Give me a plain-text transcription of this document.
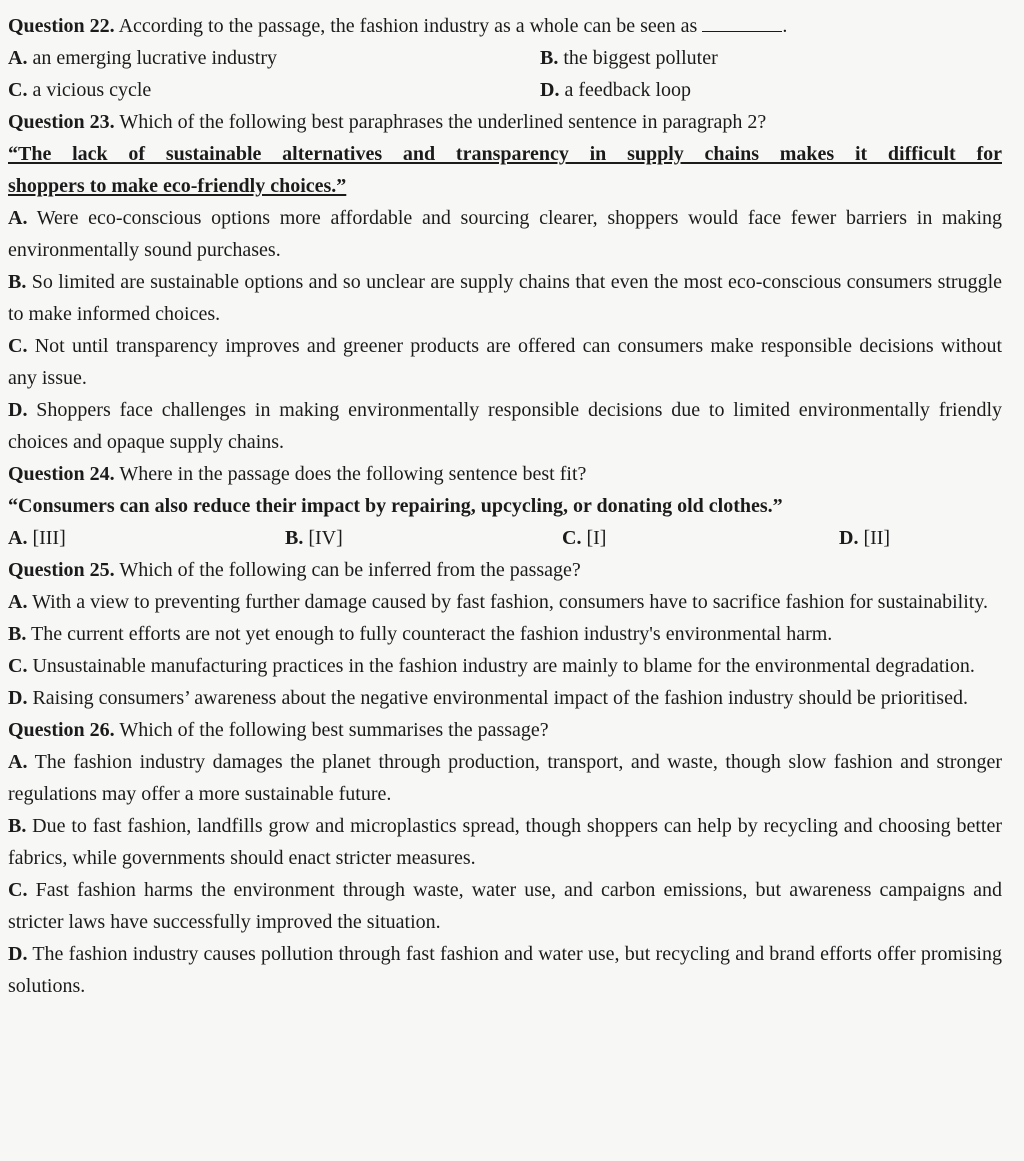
Question 22. According to the passage, the fashion industry as a whole can be seen as	.
A. an emerging lucrative industry	B. the biggest polluter
C. a vicious cycle	D. a feedback loop
Question 23. Which of the following best paraphrases the underlined sentence in paragraph 2?
“The lack of sustainable alternatives and transparency in supply chains makes it difficult for
shoppers to make eco-friendly choices.”
A. Were eco-conscious options more affordable and sourcing clearer, shoppers would face fewer barriers in making environmentally sound purchases.
B. So limited are sustainable options and so unclear are supply chains that even the most eco-conscious consumers struggle to make informed choices.
C. Not until transparency improves and greener products are offered can consumers make responsible decisions without any issue.
D. Shoppers face challenges in making environmentally responsible decisions due to limited environmentally friendly choices and opaque supply chains.
Question 24. Where in the passage does the following sentence best fit?
“Consumers can also reduce their impact by repairing, upcycling, or donating old clothes.”
A. [III]	B. [IV]	C. [I]	D. [II]
Question 25. Which of the following can be inferred from the passage?
A. With a view to preventing further damage caused by fast fashion, consumers have to sacrifice fashion for sustainability.
B. The current efforts are not yet enough to fully counteract the fashion industry's environmental harm.
C. Unsustainable manufacturing practices in the fashion industry are mainly to blame for the environmental degradation.
D. Raising consumers’ awareness about the negative environmental impact of the fashion industry should be prioritised.
Question 26. Which of the following best summarises the passage?
A. The fashion industry damages the planet through production, transport, and waste, though slow fashion and stronger regulations may offer a more sustainable future.
B. Due to fast fashion, landfills grow and microplastics spread, though shoppers can help by recycling and choosing better fabrics, while governments should enact stricter measures.
C. Fast fashion harms the environment through waste, water use, and carbon emissions, but awareness campaigns and stricter laws have successfully improved the situation.
D. The fashion industry causes pollution through fast fashion and water use, but recycling and brand efforts offer promising solutions.
